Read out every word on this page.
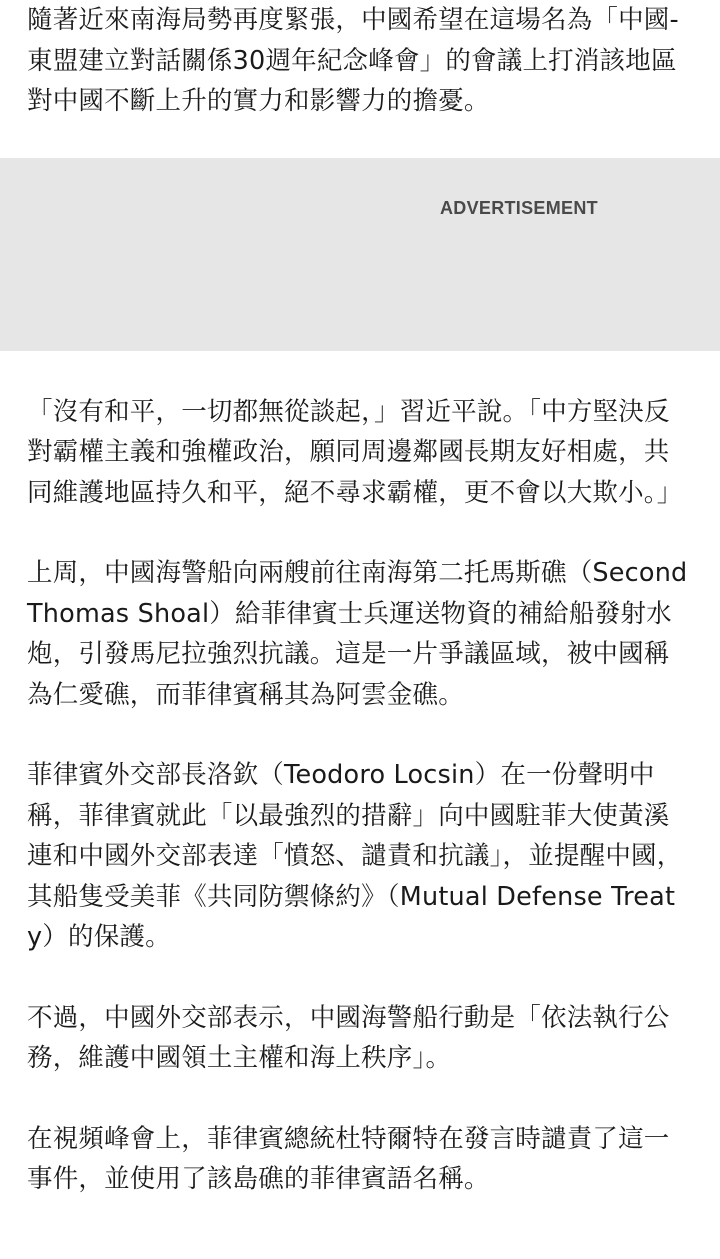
隨著近來南海局勢再度緊張，中國希望在這場名為「中國-東盟建立對話關係30週年紀念峰會」的會議上打消該地區對中國不斷上升的實力和影響力的擔憂。

ADVERTISEMENT

「沒有和平，一切都無從談起，」習近平說。「中方堅決反對霸權主義和強權政治，願同周邊鄰國長期友好相處，共同維護地區持久和平，絕不尋求霸權，更不會以大欺小。」

上周，中國海警船向兩艘前往南海第二托馬斯礁（Second Thomas Shoal）給菲律賓士兵運送物資的補給船發射水炮，引發馬尼拉強烈抗議。這是一片爭議區域，被中國稱為仁愛礁，而菲律賓稱其為阿雲金礁。

菲律賓外交部長洛欽（Teodoro Locsin）在一份聲明中稱，菲律賓就此「以最強烈的措辭」向中國駐菲大使黃溪連和中國外交部表達「憤怒、譴責和抗議」，並提醒中國，其船隻受美菲《共同防禦條約》（Mutual Defense Treaty）的保護。

不過，中國外交部表示，中國海警船行動是「依法執行公務，維護中國領土主權和海上秩序」。

在視頻峰會上，菲律賓總統杜特爾特在發言時譴責了這一事件，並使用了該島礁的菲律賓語名稱。
